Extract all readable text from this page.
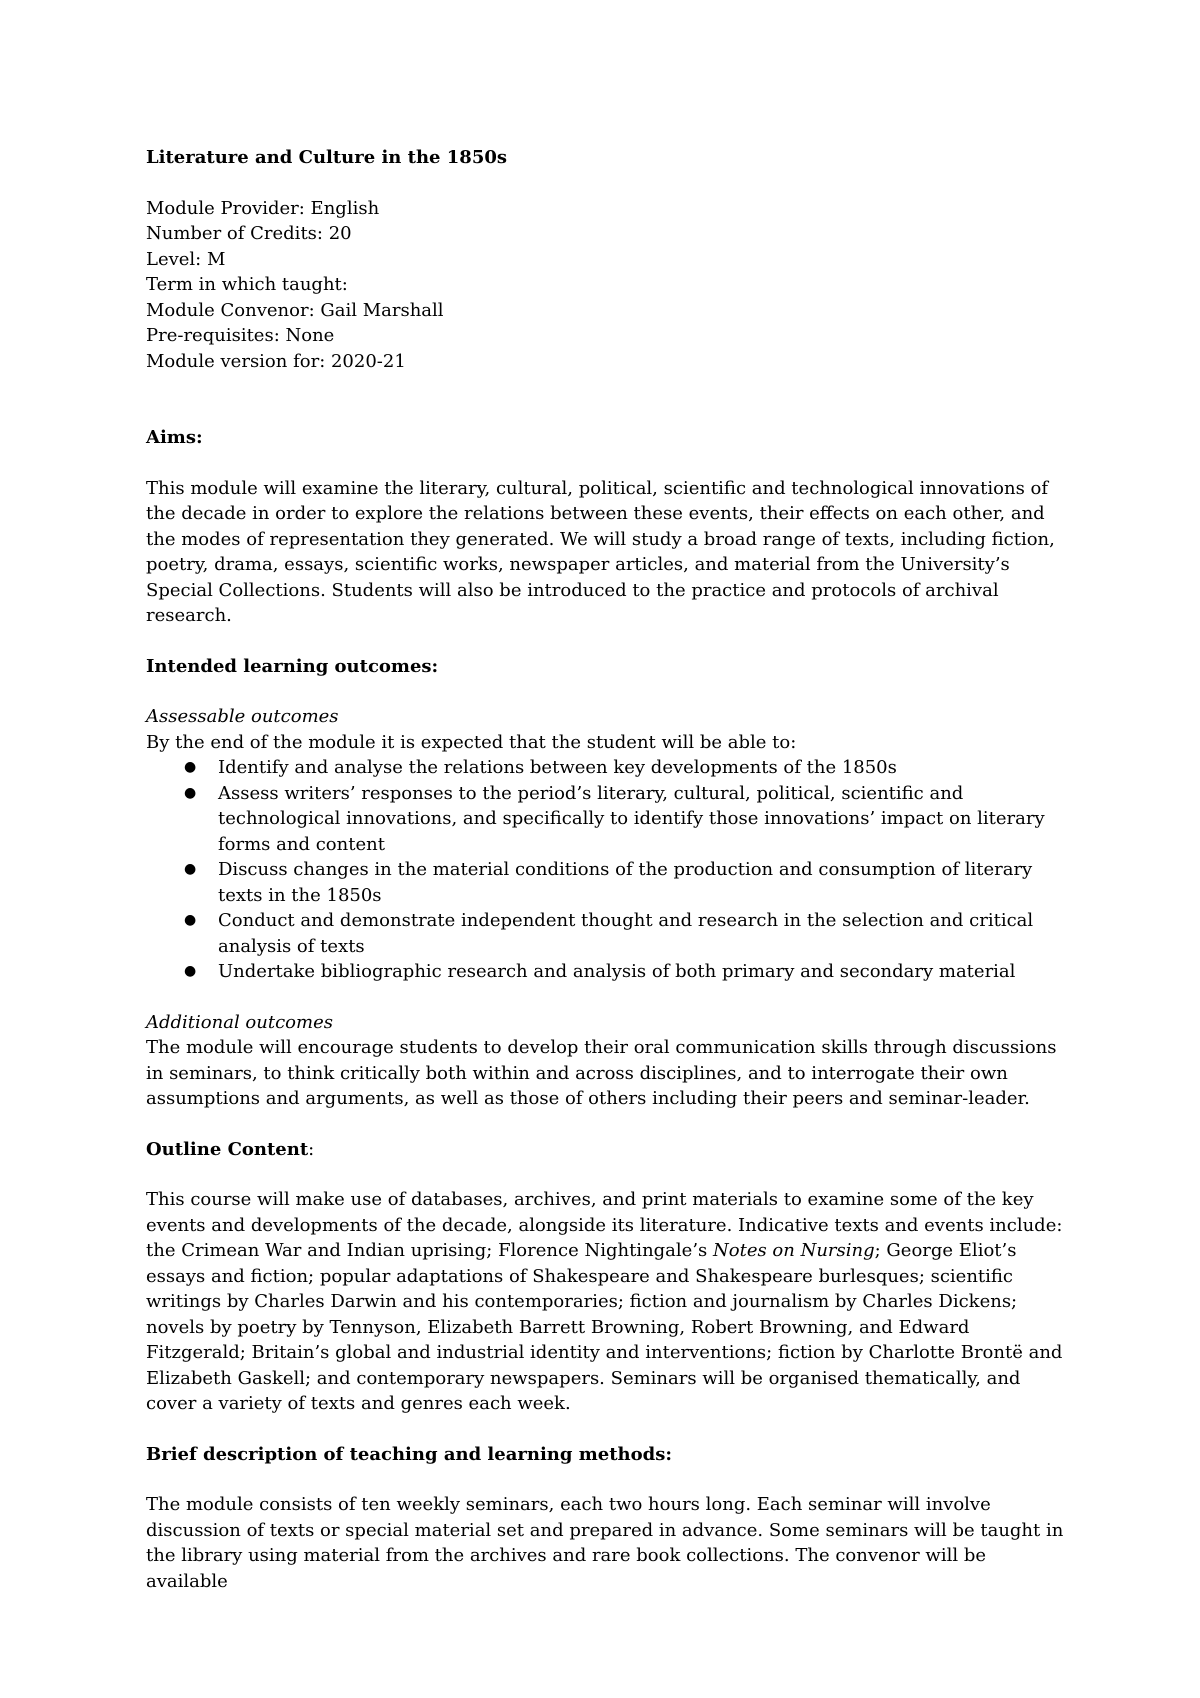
Literature and Culture in the 1850s

Module Provider: English
Number of Credits: 20
Level: M
Term in which taught:
Module Convenor: Gail Marshall
Pre-requisites: None
Module version for: 2020-21

Aims:

This module will examine the literary, cultural, political, scientific and technological innovations of the decade in order to explore the relations between these events, their effects on each other, and the modes of representation they generated. We will study a broad range of texts, including fiction, poetry, drama, essays, scientific works, newspaper articles, and material from the University’s Special Collections. Students will also be introduced to the practice and protocols of archival research.

Intended learning outcomes:

Assessable outcomes

By the end of the module it is expected that the student will be able to:

● Identify and analyse the relations between key developments of the 1850s
● Assess writers’ responses to the period’s literary, cultural, political, scientific and technological innovations, and specifically to identify those innovations’ impact on literary forms and content
● Discuss changes in the material conditions of the production and consumption of literary texts in the 1850s
● Conduct and demonstrate independent thought and research in the selection and critical analysis of texts
● Undertake bibliographic research and analysis of both primary and secondary material

Additional outcomes

The module will encourage students to develop their oral communication skills through discussions in seminars, to think critically both within and across disciplines, and to interrogate their own assumptions and arguments, as well as those of others including their peers and seminar-leader.

Outline Content:

This course will make use of databases, archives, and print materials to examine some of the key events and developments of the decade, alongside its literature. Indicative texts and events include: the Crimean War and Indian uprising; Florence Nightingale’s Notes on Nursing; George Eliot’s essays and fiction; popular adaptations of Shakespeare and Shakespeare burlesques; scientific writings by Charles Darwin and his contemporaries; fiction and journalism by Charles Dickens; novels by poetry by Tennyson, Elizabeth Barrett Browning, Robert Browning, and Edward Fitzgerald; Britain’s global and industrial identity and interventions; fiction by Charlotte Brontë and Elizabeth Gaskell; and contemporary newspapers. Seminars will be organised thematically, and cover a variety of texts and genres each week.

Brief description of teaching and learning methods:

The module consists of ten weekly seminars, each two hours long. Each seminar will involve discussion of texts or special material set and prepared in advance. Some seminars will be taught in the library using material from the archives and rare book collections. The convenor will be available
